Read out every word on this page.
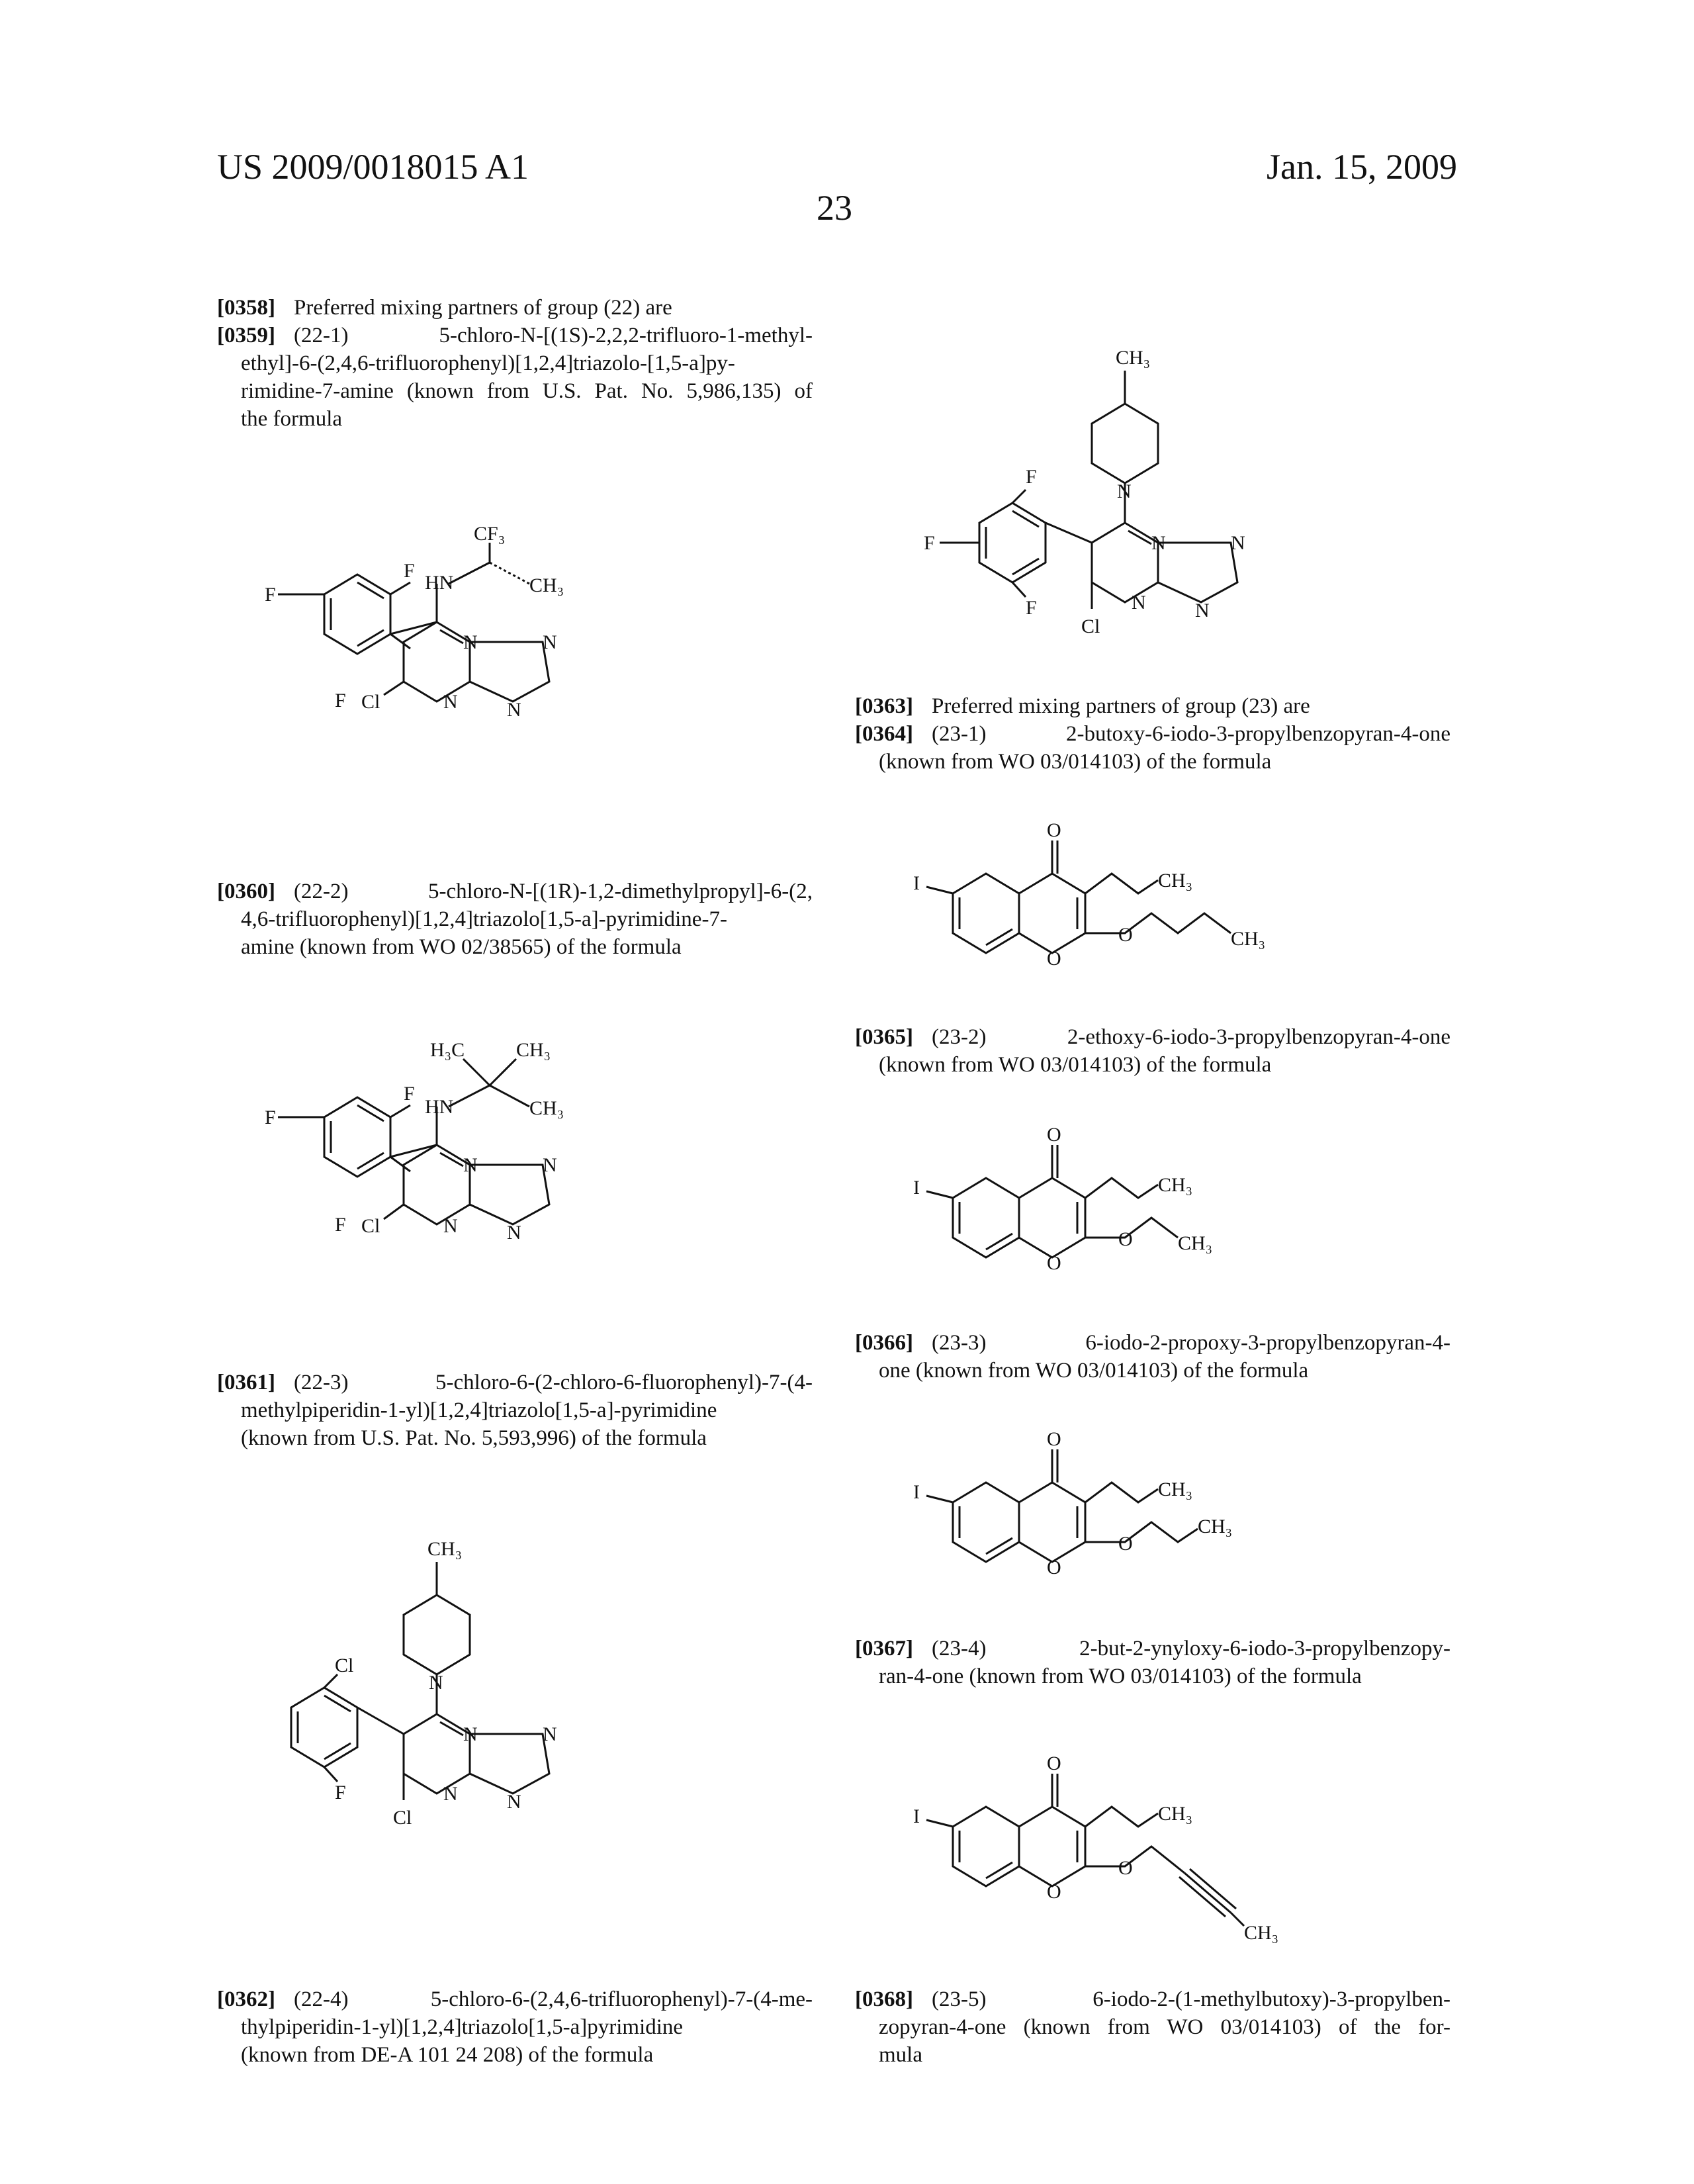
US 2009/0018015 A1
23
Jan. 15, 2009
[0358] Preferred mixing partners of group (22) are
[0359] (22-1) 5-chloro-N-[(1S)-2,2,2-trifluoro-1-methyl-
ethyl]-6-(2,4,6-trifluorophenyl)[1,2,4]triazolo-[1,5-a]py-
rimidine-7-amine (known from U.S. Pat. No. 5,986,135) of
the formula
[0360] (22-2) 5-chloro-N-[(1R)-1,2-dimethylpropyl]-6-(2,
4,6-trifluorophenyl)[1,2,4]triazolo[1,5-a]-pyrimidine-7-
amine (known from WO 02/38565) of the formula
[0361] (22-3) 5-chloro-6-(2-chloro-6-fluorophenyl)-7-(4-
methylpiperidin-1-yl)[1,2,4]triazolo[1,5-a]-pyrimidine
(known from U.S. Pat. No. 5,593,996) of the formula
[0362] (22-4) 5-chloro-6-(2,4,6-trifluorophenyl)-7-(4-me-
thylpiperidin-1-yl)[1,2,4]triazolo[1,5-a]pyrimidine
(known from DE-A 101 24 208) of the formula
[0363] Preferred mixing partners of group (23) are
[0364] (23-1) 2-butoxy-6-iodo-3-propylbenzopyran-4-one
(known from WO 03/014103) of the formula
[0365] (23-2) 2-ethoxy-6-iodo-3-propylbenzopyran-4-one
(known from WO 03/014103) of the formula
[0366] (23-3) 6-iodo-2-propoxy-3-propylbenzopyran-4-
one (known from WO 03/014103) of the formula
[0367] (23-4) 2-but-2-ynyloxy-6-iodo-3-propylbenzopy-
ran-4-one (known from WO 03/014103) of the formula
[0368] (23-5) 6-iodo-2-(1-methylbutoxy)-3-propylben-
zopyran-4-one (known from WO 03/014103) of the for-
mula
F
F
F
HN
CF₃
CH₃
N	N
N N
Cl
F
F
F
HN
H₃C	CH₃
CH₃
N	N
N N
Cl
CH₃
N
Cl
F
Cl
N	N
N N
CH₃
N
F
F
F
Cl
N	N
N N
I
O
O
O
CH₃
CH₃
I
O
O
O
CH₃
CH₃
I
O
O
O
CH₃
CH₃
I
O
O
O
CH₃
CH₃
